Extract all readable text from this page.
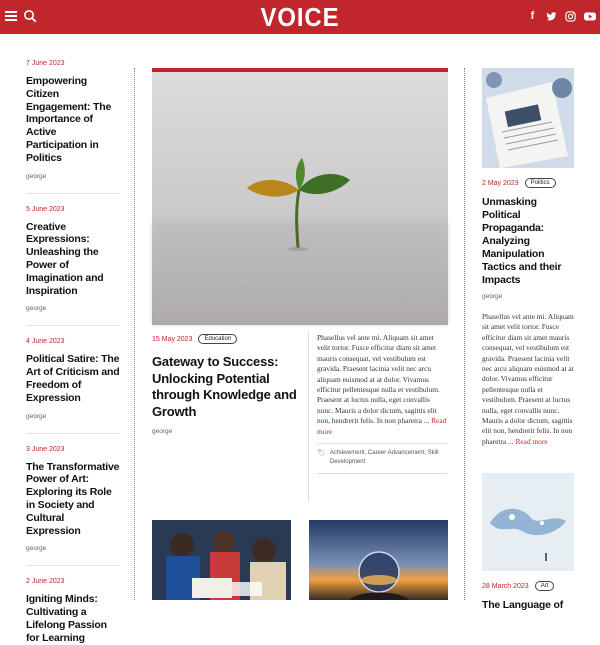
VOICE	f
7 June 2023
Empowering Citizen Engagement: The Importance of Active Participation in Politics
george
5 June 2023
Creative Expressions: Unleashing the Power of Imagination and Inspiration
george
4 June 2023
Political Satire: The Art of Criticism and Freedom of Expression
george
3 June 2023
The Transformative Power of Art: Exploring its Role in Society and Cultural Expression
george
2 June 2023
Igniting Minds: Cultivating a Lifelong Passion for Learning
15 May 2023	Education
Gateway to Success: Unlocking Potential through Knowledge and Growth
george

Phasellus vel ante mi. Aliquam sit amet velit tortor. Fusce efficitur diam sit amet mauris consequat, vel vestibulum est gravida. Praesent lacinia velit nec arcu aliquam euismod at at dolor. Vivamus efficitur pellentesque nulla et vestibulum. Praesent at luctus nulla, eget convallis nunc. Mauris a dolor dictum, sagittis elit non, hendrerit felis. In non pharetra ... Read more

🏷 Achievement, Career Advancement, Skill Development
2 May 2023	Politics
Unmasking Political Propaganda: Analyzing Manipulation Tactics and their Impacts
george

Phasellus vel ante mi. Aliquam sit amet velit tortor. Fusce efficitur diam sit amet mauris consequat, vel vestibulum est gravida. Praesent lacinia velit nec arcu aliquam euismod at at dolor. Vivamus efficitur pellentesque nulla et vestibulum. Praesent at luctus nulla, eget convallis nunc. Mauris a dolor dictum, sagittis elit non, hendrerit felis. In non pharetra ... Read more

28 March 2023	Art
The Language of
